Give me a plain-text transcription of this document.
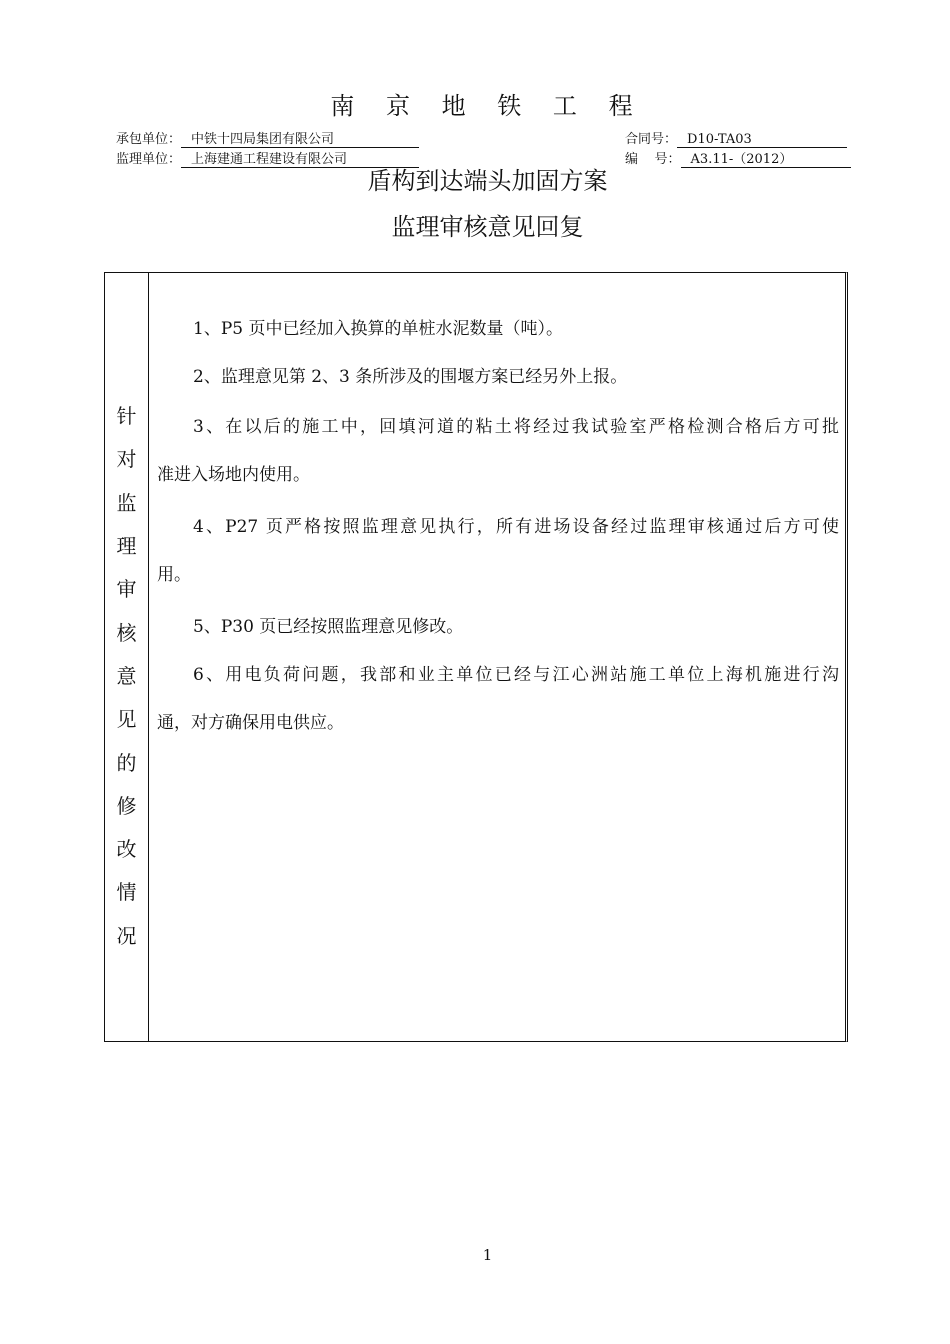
南 京 地 铁 工 程
承包单位： 中铁十四局集团有限公司
监理单位： 上海建通工程建设有限公司
合同号： D10-TA03
编    号： A3.11-（2012）
盾构到达端头加固方案
监理审核意见回复
针
对
监
理
审
核
意
见
的
修
改
情
况
1、P5 页中已经加入换算的单桩水泥数量（吨）。
2、监理意见第 2、3 条所涉及的围堰方案已经另外上报。
3、在以后的施工中，回填河道的粘土将经过我试验室严格检测合格后方可批
准进入场地内使用。
4、P27 页严格按照监理意见执行，所有进场设备经过监理审核通过后方可使
用。
5、P30 页已经按照监理意见修改。
6、用电负荷问题，我部和业主单位已经与江心洲站施工单位上海机施进行沟
通，对方确保用电供应。
1
